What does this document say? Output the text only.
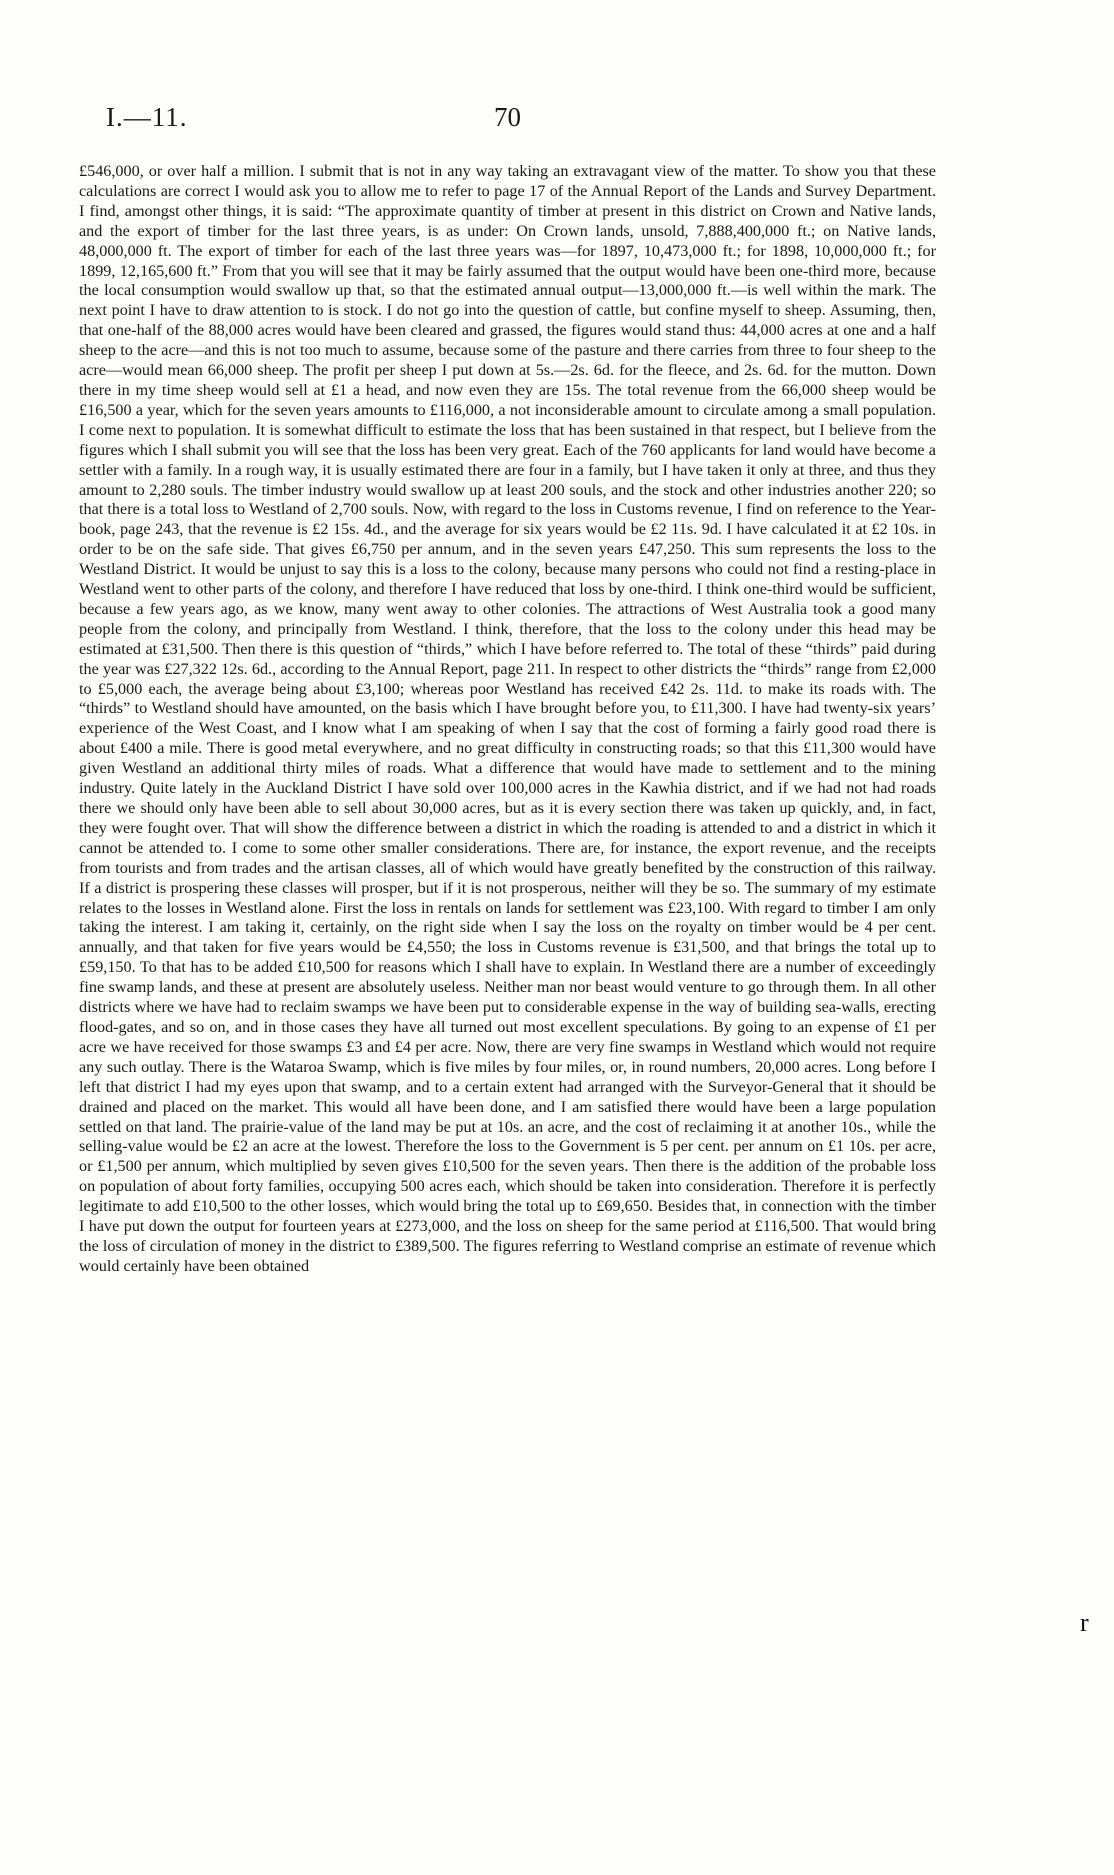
I.—11.	70

£546,000, or over half a million. I submit that is not in any way taking an extravagant view of the matter. To show you that these calculations are correct I would ask you to allow me to refer to page 17 of the Annual Report of the Lands and Survey Department. I find, amongst other things, it is said: “The approximate quantity of timber at present in this district on Crown and Native lands, and the export of timber for the last three years, is as under: On Crown lands, unsold, 7,888,400,000 ft.; on Native lands, 48,000,000 ft. The export of timber for each of the last three years was—for 1897, 10,473,000 ft.; for 1898, 10,000,000 ft.; for 1899, 12,165,600 ft.” From that you will see that it may be fairly assumed that the output would have been one-third more, because the local consumption would swallow up that, so that the estimated annual output—13,000,000 ft.—is well within the mark. The next point I have to draw attention to is stock. I do not go into the question of cattle, but confine myself to sheep. Assuming, then, that one-half of the 88,000 acres would have been cleared and grassed, the figures would stand thus: 44,000 acres at one and a half sheep to the acre—and this is not too much to assume, because some of the pasture and there carries from three to four sheep to the acre—would mean 66,000 sheep. The profit per sheep I put down at 5s.—2s. 6d. for the fleece, and 2s. 6d. for the mutton. Down there in my time sheep would sell at £1 a head, and now even they are 15s. The total revenue from the 66,000 sheep would be £16,500 a year, which for the seven years amounts to £116,000, a not inconsiderable amount to circulate among a small population. I come next to population. It is somewhat difficult to estimate the loss that has been sustained in that respect, but I believe from the figures which I shall submit you will see that the loss has been very great. Each of the 760 applicants for land would have become a settler with a family. In a rough way, it is usually estimated there are four in a family, but I have taken it only at three, and thus they amount to 2,280 souls. The timber industry would swallow up at least 200 souls, and the stock and other industries another 220; so that there is a total loss to Westland of 2,700 souls. Now, with regard to the loss in Customs revenue, I find on reference to the Year-book, page 243, that the revenue is £2 15s. 4d., and the average for six years would be £2 11s. 9d. I have calculated it at £2 10s. in order to be on the safe side. That gives £6,750 per annum, and in the seven years £47,250. This sum represents the loss to the Westland District. It would be unjust to say this is a loss to the colony, because many persons who could not find a resting-place in Westland went to other parts of the colony, and therefore I have reduced that loss by one-third. I think one-third would be sufficient, because a few years ago, as we know, many went away to other colonies. The attractions of West Australia took a good many people from the colony, and principally from Westland. I think, therefore, that the loss to the colony under this head may be estimated at £31,500. Then there is this question of “thirds,” which I have before referred to. The total of these “thirds” paid during the year was £27,322 12s. 6d., according to the Annual Report, page 211. In respect to other districts the “thirds” range from £2,000 to £5,000 each, the average being about £3,100; whereas poor Westland has received £42 2s. 11d. to make its roads with. The “thirds” to Westland should have amounted, on the basis which I have brought before you, to £11,300. I have had twenty-six years’ experience of the West Coast, and I know what I am speaking of when I say that the cost of forming a fairly good road there is about £400 a mile. There is good metal everywhere, and no great difficulty in constructing roads; so that this £11,300 would have given Westland an additional thirty miles of roads. What a difference that would have made to settlement and to the mining industry. Quite lately in the Auckland District I have sold over 100,000 acres in the Kawhia district, and if we had not had roads there we should only have been able to sell about 30,000 acres, but as it is every section there was taken up quickly, and, in fact, they were fought over. That will show the difference between a district in which the roading is attended to and a district in which it cannot be attended to. I come to some other smaller considerations. There are, for instance, the export revenue, and the receipts from tourists and from trades and the artisan classes, all of which would have greatly benefited by the construction of this railway. If a district is prospering these classes will prosper, but if it is not prosperous, neither will they be so. The summary of my estimate relates to the losses in Westland alone. First the loss in rentals on lands for settlement was £23,100. With regard to timber I am only taking the interest. I am taking it, certainly, on the right side when I say the loss on the royalty on timber would be 4 per cent. annually, and that taken for five years would be £4,550; the loss in Customs revenue is £31,500, and that brings the total up to £59,150. To that has to be added £10,500 for reasons which I shall have to explain. In Westland there are a number of exceedingly fine swamp lands, and these at present are absolutely useless. Neither man nor beast would venture to go through them. In all other districts where we have had to reclaim swamps we have been put to considerable expense in the way of building sea-walls, erecting flood-gates, and so on, and in those cases they have all turned out most excellent speculations. By going to an expense of £1 per acre we have received for those swamps £3 and £4 per acre. Now, there are very fine swamps in Westland which would not require any such outlay. There is the Wataroa Swamp, which is five miles by four miles, or, in round numbers, 20,000 acres. Long before I left that district I had my eyes upon that swamp, and to a certain extent had arranged with the Surveyor-General that it should be drained and placed on the market. This would all have been done, and I am satisfied there would have been a large population settled on that land. The prairie-value of the land may be put at 10s. an acre, and the cost of reclaiming it at another 10s., while the selling-value would be £2 an acre at the lowest. Therefore the loss to the Government is 5 per cent. per annum on £1 10s. per acre, or £1,500 per annum, which multiplied by seven gives £10,500 for the seven years. Then there is the addition of the probable loss on population of about forty families, occupying 500 acres each, which should be taken into consideration. Therefore it is perfectly legitimate to add £10,500 to the other losses, which would bring the total up to £69,650. Besides that, in connection with the timber I have put down the output for fourteen years at £273,000, and the loss on sheep for the same period at £116,500. That would bring the loss of circulation of money in the district to £389,500. The figures referring to Westland comprise an estimate of revenue which would certainly have been obtained

r
